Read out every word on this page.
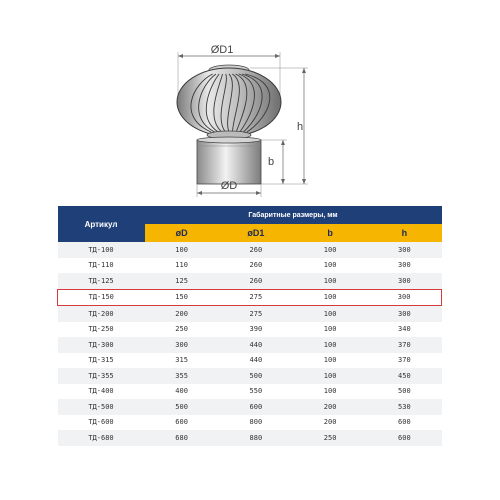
ØD1
ØD
h
b
Артикул	Габаритные размеры, мм			
	øD	øD1	b	h
ТД-100	100	260	100	300
ТД-110	110	260	100	300
ТД-125	125	260	100	300
ТД-150	150	275	100	300
ТД-200	200	275	100	300
ТД-250	250	390	100	340
ТД-300	300	440	100	370
ТД-315	315	440	100	370
ТД-355	355	500	100	450
ТД-400	400	550	100	500
ТД-500	500	600	200	530
ТД-600	600	800	200	600
ТД-680	680	880	250	600
